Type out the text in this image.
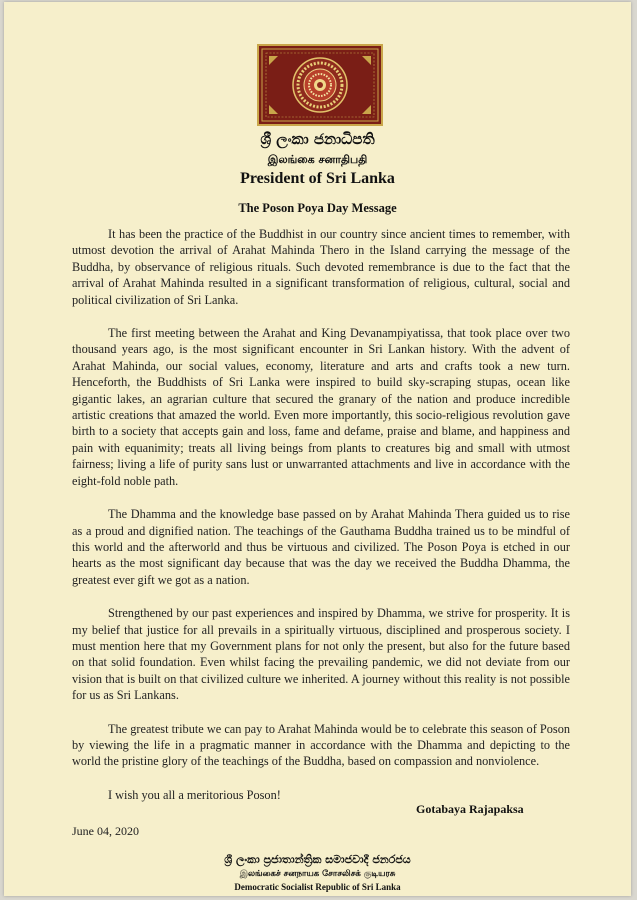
ශ්‍රී ලංකා ජනාධිපති
இலங்கை சனாதிபதி
President of Sri Lanka
The Poson Poya Day Message

It has been the practice of the Buddhist in our country since ancient times to remember, with utmost devotion the arrival of Arahat Mahinda Thero in the Island carrying the message of the Buddha, by observance of religious rituals. Such devoted remembrance is due to the fact that the arrival of Arahat Mahinda resulted in a significant transformation of religious, cultural, social and political civilization of Sri Lanka.

The first meeting between the Arahat and King Devanampiyatissa, that took place over two thousand years ago, is the most significant encounter in Sri Lankan history. With the advent of Arahat Mahinda, our social values, economy, literature and arts and crafts took a new turn. Henceforth, the Buddhists of Sri Lanka were inspired to build sky-scraping stupas, ocean like gigantic lakes, an agrarian culture that secured the granary of the nation and produce incredible artistic creations that amazed the world. Even more importantly, this socio-religious revolution gave birth to a society that accepts gain and loss, fame and defame, praise and blame, and happiness and pain with equanimity; treats all living beings from plants to creatures big and small with utmost fairness; living a life of purity sans lust or unwarranted attachments and live in accordance with the eight-fold noble path.

The Dhamma and the knowledge base passed on by Arahat Mahinda Thera guided us to rise as a proud and dignified nation. The teachings of the Gauthama Buddha trained us to be mindful of this world and the afterworld and thus be virtuous and civilized. The Poson Poya is etched in our hearts as the most significant day because that was the day we received the Buddha Dhamma, the greatest ever gift we got as a nation.

Strengthened by our past experiences and inspired by Dhamma, we strive for prosperity. It is my belief that justice for all prevails in a spiritually virtuous, disciplined and prosperous society. I must mention here that my Government plans for not only the present, but also for the future based on that solid foundation. Even whilst facing the prevailing pandemic, we did not deviate from our vision that is built on that civilized culture we inherited. A journey without this reality is not possible for us as Sri Lankans.

The greatest tribute we can pay to Arahat Mahinda would be to celebrate this season of Poson by viewing the life in a pragmatic manner in accordance with the Dhamma and depicting to the world the pristine glory of the teachings of the Buddha, based on compassion and nonviolence.

I wish you all a meritorious Poson!

Gotabaya Rajapaksa
June 04, 2020
ශ්‍රී ලංකා ප්‍රජාතාන්ත්‍රික සමාජවාදී ජනරජය
இலங்கைச் சனநாயக சோசலிசக் குடியரசு
Democratic Socialist Republic of Sri Lanka
